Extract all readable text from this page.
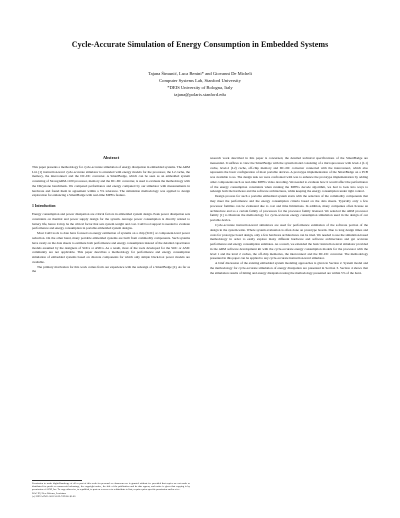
Cycle-Accurate Simulation of Energy Consumption in Embedded Systems
Tajana Šimunić, Luca Benini* and Giovanni De Micheli
Computer Systems Lab, Stanford University
*DEIS University of Bologna, Italy
tajana@polaris.stanford.edu
Abstract

This paper presents a methodology for cycle-accurate simulation of energy dissipation in embedded systems. The ARM Ltd. [1] instruction-level cycle-accurate simulator is extended with energy models for the processor, the L2 cache, the memory, the interconnect and the DC-DC converter. A SmartBadge, which can be seen as an embedded system consisting of StrongARM-1100 processor, memory and the DC-DC converter, is used to evaluate the methodology with the Dhrystone benchmark. We compared performance and energy computed by our simulator with measurements in hardware and found them in agreement within a 5% tolerance. The simulation methodology was applied to design exploration for enhancing a SmartBadge with real-time MPEG feature.

1 Introduction

Energy consumption and power dissipation are critical factors in embedded system design. Peak power dissipation sets constraints on thermal and power supply design for the system. Average power consumption is directly related to battery life, hence it may be the critical factor that sets system weight and cost. CAD tool support is needed to evaluate performance and energy consumption in portable embedded system designs.

Most CAD tools to date have focused on energy estimation of systems on a chip (SOC) or component-level power reduction. On the other hand, many portable embedded systems are built from commodity components. Such systems have rarely on the data sheets to estimate both performance and energy consumption instead of the detailed capacitance models assumed by the designers of SOCs or ASICs. As a result, most of the tools developed for the SOC or ASIC community are not applicable. This paper describes a methodology for performance and energy consumption simulation of embedded systems based on discrete components for which only simple black-box power models are available.

The primary motivation for this work comes from our experience with the redesign of a SmartBadge [2]. As far as the

research work described in this paper is concerned, the detailed technical specifications of the SmartBadge are inessential. It suffices to view the SmartBadge with the system model consisting of a microprocessor with level-1 (L1) cache, level-2 (L2) cache, off-chip memory and DC-DC converter connected with the interconnect, which also represents the basic configuration of most portable devices. A prototype implementation of the SmartBadge on a PCB was available to us. The design task we were confronted with was to enhance the prototype implementation by adding other components such as real-time MPEG video decoding. We needed to evaluate how it would affect the performance of the energy consumption constraints when running the MPEG decode algorithm, we had to look into ways to redesign both the hardware and the software architectures, while keeping the energy consumption under tight control.

Design process for such a portable embedded system starts with the selection of the commodity components that may meet the performance and the energy consumption criteria based on the data sheets. Typically only a few processor families can be evaluated due to cost and time limitations. In addition, many companies often license an architecture and so a certain family of processors for the processor family licensed. We selected the ARM processor family [1] to illustrate the methodology for cycle-accurate energy consumption simulation used in the design of our portable device.

Cycle-accurate instruction-level simulators are used for performance estimation of the software portion of the design in the system-wide. Whole system evaluation is often done on prototype boards. Due to long design times and costs for prototype board design, only a few hardware architectures can be tried. We needed to use the simulation-based methodology in order to easily explore many different hardware and software architectures and get accurate performance and energy consumption estimates. As a result, we extended the basic instruction-level simulator provided in the ARM software development kit with the cycle-accurate energy consumption models for the processor with the level 1 and the level 2 caches, the off-chip memories, the interconnect and the DC-DC converter. The methodology presented in this paper can be applied to any cycle-accurate instruction-level simulator.

A brief discussion of the existing embedded system modeling approaches is given in Section 2. System model and the methodology for cycle-accurate simulation of energy dissipation are presented in Section 3. Section 4 shows that the simulation results of timing and energy dissipation using the methodology presented are within 5% of the hard-

Permission to make digital/hardcopy of all or part of this work for personal or classroom use is granted without fee provided that copies are not made or distributed for profit or commercial advantage, the copyright notice, the title of the publication and its date appear, and notice is given that copying is by permission of ACM, Inc. To copy otherwise, to republish, to post on servers or to redistribute to lists, requires prior specific permission and/or a fee.
DAC 99, New Orleans, Louisiana
(c) 1999 ACM 1-58113-109-7/99/06..$5.00
